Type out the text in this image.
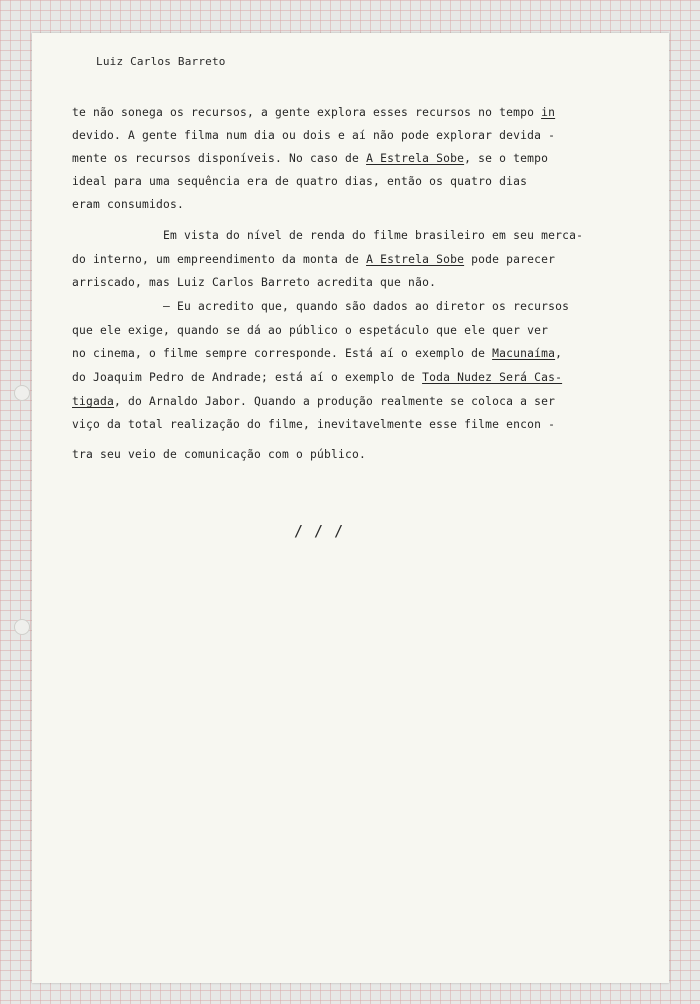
Luiz Carlos Barreto
te não sonega os recursos, a gente explora esses recursos no tempo in
devido. A gente filma num dia ou dois e aí não pode explorar devida -
mente os recursos disponíveis. No caso de A Estrela Sobe, se o tempo
ideal para uma sequência era de quatro dias, então os quatro dias
eram consumidos.
Em vista do nível de renda do filme brasileiro em seu merca-
do interno, um empreendimento da monta de A Estrela Sobe pode parecer
arriscado, mas Luiz Carlos Barreto acredita que não.
— Eu acredito que, quando são dados ao diretor os recursos
que ele exige, quando se dá ao público o espetáculo que ele quer ver
no cinema, o filme sempre corresponde. Está aí o exemplo de Macunaíma,
do Joaquim Pedro de Andrade; está aí o exemplo de Toda Nudez Será Cas-
tigada, do Arnaldo Jabor. Quando a produção realmente se coloca a ser
viço da total realização do filme, inevitavelmente esse filme encon -
tra seu veio de comunicação com o público.
/ / /
